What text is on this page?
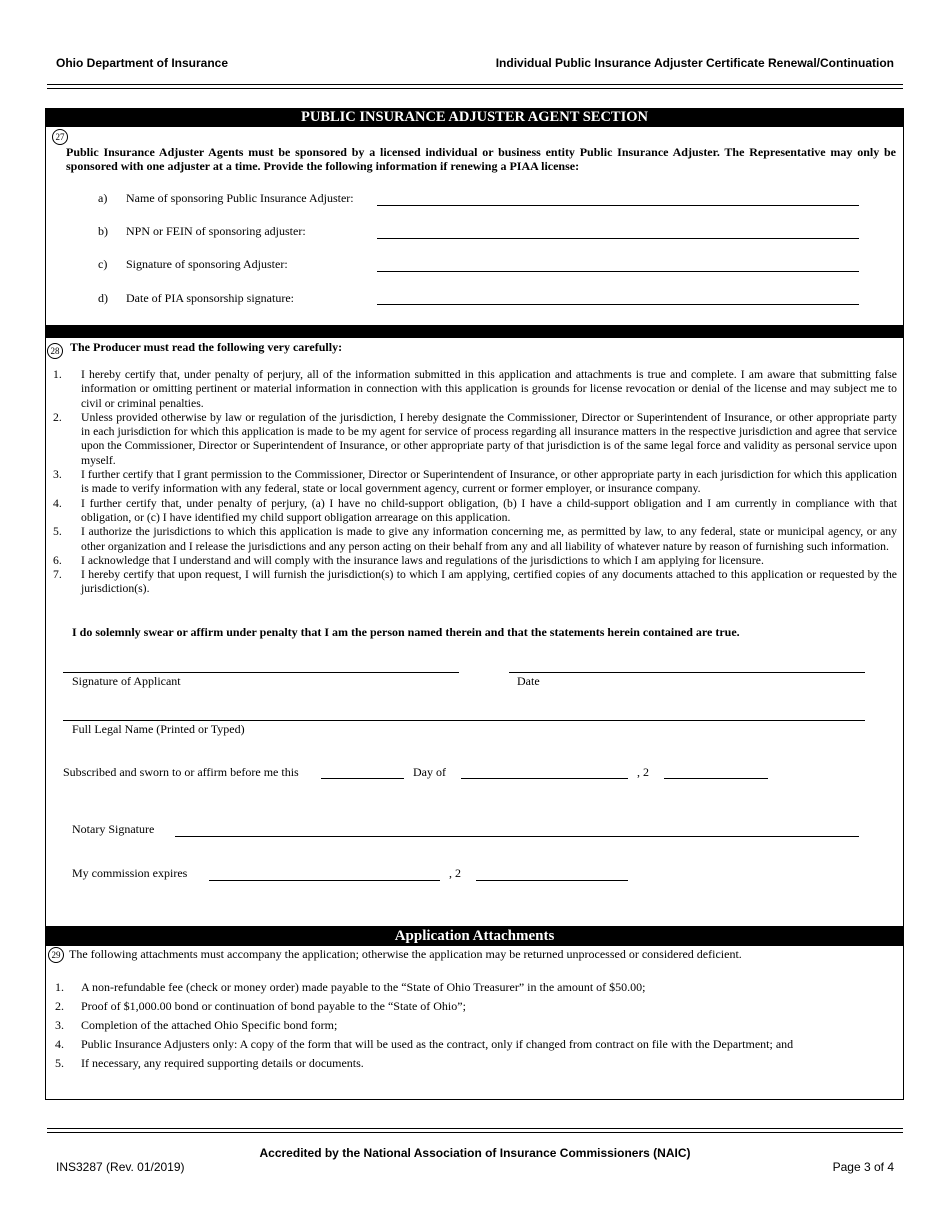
Ohio Department of Insurance	Individual Public Insurance Adjuster Certificate Renewal/Continuation
PUBLIC INSURANCE ADJUSTER AGENT SECTION
27
Public Insurance Adjuster Agents must be sponsored by a licensed individual or business entity Public Insurance Adjuster. The Representative may only be sponsored with one adjuster at a time. Provide the following information if renewing a PIAA license:
a) Name of sponsoring Public Insurance Adjuster:
b) NPN or FEIN of sponsoring adjuster:
c) Signature of sponsoring Adjuster:
d) Date of PIA sponsorship signature:
28 The Producer must read the following very carefully:
1.	I hereby certify that, under penalty of perjury, all of the information submitted in this application and attachments is true and complete. I am aware that submitting false information or omitting pertinent or material information in connection with this application is grounds for license revocation or denial of the license and may subject me to civil or criminal penalties.
2.	Unless provided otherwise by law or regulation of the jurisdiction, I hereby designate the Commissioner, Director or Superintendent of Insurance, or other appropriate party in each jurisdiction for which this application is made to be my agent for service of process regarding all insurance matters in the respective jurisdiction and agree that service upon the Commissioner, Director or Superintendent of Insurance, or other appropriate party of that jurisdiction is of the same legal force and validity as personal service upon myself.
3.	I further certify that I grant permission to the Commissioner, Director or Superintendent of Insurance, or other appropriate party in each jurisdiction for which this application is made to verify information with any federal, state or local government agency, current or former employer, or insurance company.
4.	I further certify that, under penalty of perjury, (a) I have no child-support obligation, (b) I have a child-support obligation and I am currently in compliance with that obligation, or (c) I have identified my child support obligation arrearage on this application.
5.	I authorize the jurisdictions to which this application is made to give any information concerning me, as permitted by law, to any federal, state or municipal agency, or any other organization and I release the jurisdictions and any person acting on their behalf from any and all liability of whatever nature by reason of furnishing such information.
6.	I acknowledge that I understand and will comply with the insurance laws and regulations of the jurisdictions to which I am applying for licensure.
7.	I hereby certify that upon request, I will furnish the jurisdiction(s) to which I am applying, certified copies of any documents attached to this application or requested by the jurisdiction(s).
I do solemnly swear or affirm under penalty that I am the person named therein and that the statements herein contained are true.
Signature of Applicant	Date
Full Legal Name (Printed or Typed)
Subscribed and sworn to or affirm before me this	Day of	, 2
Notary Signature
My commission expires	, 2
Application Attachments
29 The following attachments must accompany the application; otherwise the application may be returned unprocessed or considered deficient.
1. A non-refundable fee (check or money order) made payable to the “State of Ohio Treasurer” in the amount of $50.00;
2. Proof of $1,000.00 bond or continuation of bond payable to the “State of Ohio”;
3. Completion of the attached Ohio Specific bond form;
4. Public Insurance Adjusters only: A copy of the form that will be used as the contract, only if changed from contract on file with the Department; and
5. If necessary, any required supporting details or documents.
Accredited by the National Association of Insurance Commissioners (NAIC)
INS3287 (Rev. 01/2019)	Page 3 of 4
